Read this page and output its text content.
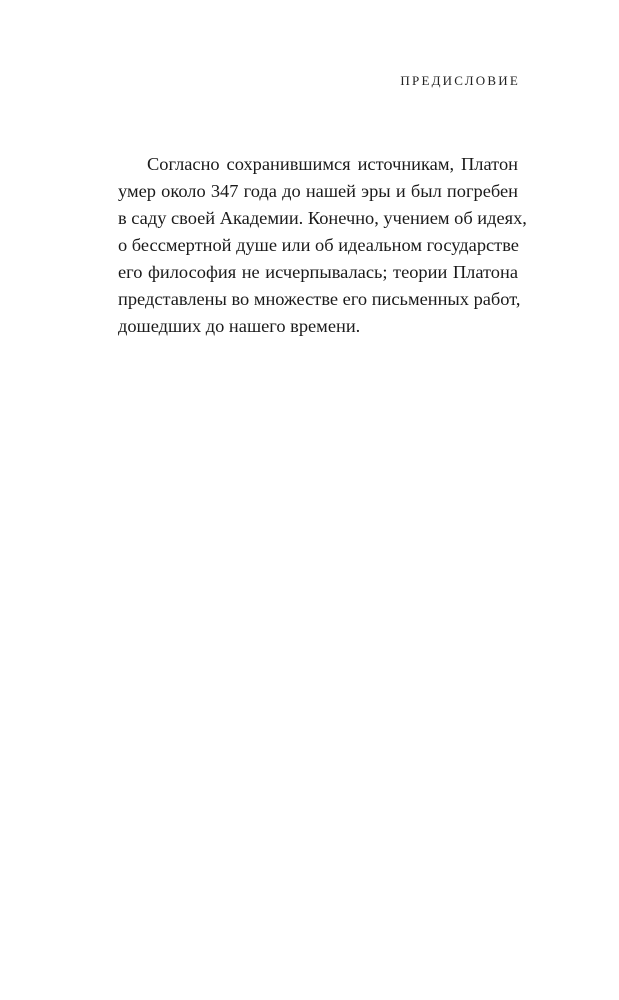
ПРЕДИСЛОВИЕ

Согласно сохранившимся источникам, Платон
умер около 347 года до нашей эры и был погребен
в саду своей Академии. Конечно, учением об идеях,
о бессмертной душе или об идеальном государстве
его философия не исчерпывалась; теории Платона
представлены во множестве его письменных работ,
дошедших до нашего времени.
